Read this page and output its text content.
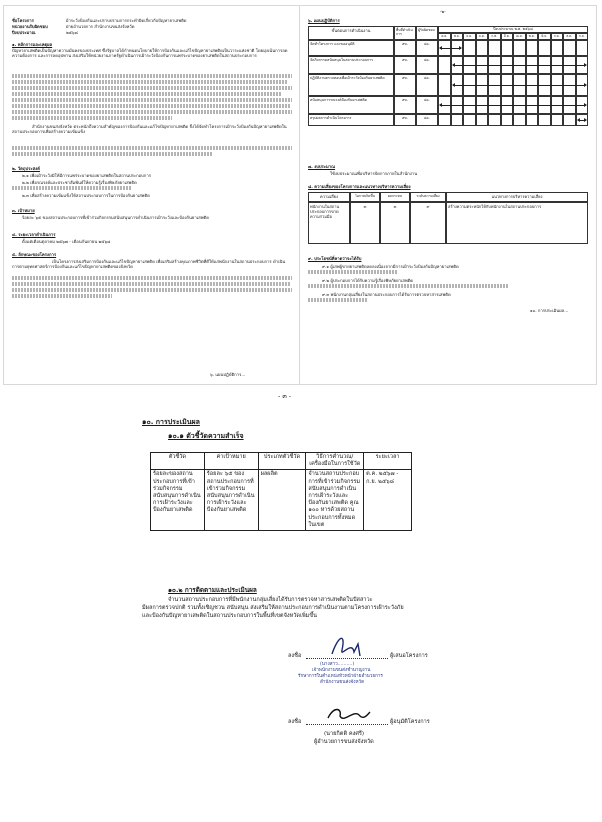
ชื่อโครงการ	ผ้าระวังป้องกันและปราบปรามการกระทำผิดเกี่ยวกับปัญหายาเสพติด
หน่วยงานรับผิดชอบ	ฝ่ายอำนวยการ สำนักงานขนส่งจังหวัด
ปีงบประมาณ	๒๕๖๘
๑. หลักการและเหตุผล
ปัญหายาเสพติดเป็นปัญหาความมั่นคงของประเทศ ซึ่งรัฐบาลได้กำหนดนโยบายให้การป้องกันและแก้ไขปัญหายาเสพติดเป็นวาระแห่งชาติ โดยมุ่งเน้นการลดความต้องการ และการลดอุปทาน ส่งเสริมให้หน่วยงานภาครัฐดำเนินการเฝ้าระวังป้องกันการแพร่ระบาดของยาเสพติดในสถานประกอบการ
สำนักงานขนส่งจังหวัด ตระหนักถึงความสำคัญของการป้องกันและแก้ไขปัญหายาเสพติด จึงได้จัดทำโครงการเฝ้าระวังป้องกันปัญหายาเสพติดในสถานประกอบการเพื่อสร้างความเข้มแข็ง
๒. วัตถุประสงค์
๒.๑ เพื่อเฝ้าระวังมิให้มีการแพร่ระบาดของยาเสพติดในสถานประกอบการ
๒.๒ เพื่อรณรงค์และประชาสัมพันธ์ให้ความรู้เรื่องพิษภัยยาเสพติด
๒.๓ เพื่อสร้างความเข้มแข็งให้สถานประกอบการในการป้องกันยาเสพติด
๓. เป้าหมาย
ร้อยละ ๖๕ ของสถานประกอบการที่เข้าร่วมกิจกรรมสนับสนุนการดำเนินการเฝ้าระวังและป้องกันยาเสพติด
๔. ระยะเวลาดำเนินการ
ตั้งแต่เดือนตุลาคม ๒๕๖๗ - เดือนกันยายน ๒๕๖๘
๕. ลักษณะของโครงการ
เป็นโครงการส่งเสริมการป้องกันและแก้ไขปัญหายาเสพติด เพื่อเสริมสร้างคุณภาพชีวิตที่ดีให้แก่พนักงานในสถานประกอบการ ดำเนินการตามยุทธศาสตร์การป้องกันและแก้ไขปัญหายาเสพติดของจังหวัด
๖. แผนปฏิบัติการ...
-๒-
๖. แผนปฏิบัติการ
ขั้นตอนการดำเนินงาน	พื้นที่ดำเนินการ
ผู้รับผิดชอบ	ปีงบประมาณ พ.ศ. ๒๕๖๘
ต.ค.	พ.ย.	ธ.ค.	ม.ค.	ก.พ.	มี.ค.	เม.ย.	พ.ค.	มิ.ย.	ก.ค.	ส.ค.	ก.ย.
จัดทำโครงการ และขออนุมัติ	สข.	ฝอ.
จัดกิจกรรมสนับสนุนในสถานประกอบการ	สข.	ฝอ.
ปฏิบัติงานตรวจสอบเพื่อเฝ้าระวังป้องกันยาเสพติด	สข.	ฝอ.
สนับสนุนการรณรงค์ป้องกันยาเสพติด	สข.	ฝอ.
สรุปผลการดำเนินโครงการ	สข.	ฝอ.
๗. งบประมาณ
ใช้งบประมาณเพื่อบริหารจัดการภายในสำนักงาน
๘. ความเสี่ยงของโครงการและแนวทางบริหารความเสี่ยง
ความเสี่ยง	โอกาสเกิดขึ้น	ผลกระทบ	ระดับความเสี่ยง	แนวทางการบริหารความเสี่ยง
พนักงานในสถานประกอบการขาดความร่วมมือ
๓	๓	๙	สร้างความตระหนักให้กับพนักงานในสถานประกอบการ
๙. ประโยชน์ที่คาดว่าจะได้รับ
๙.๑ ผู้เสพผู้ขายยาเสพติดลดลงเนื่องจากมีการเฝ้าระวังป้องกันปัญหายาเสพติด
๙.๒ ผู้ประกอบการได้รับความรู้เรื่องพิษภัยยาเสพติด
๙.๓ พนักงานกลุ่มเสี่ยงในสถานประกอบการได้รับการตรวจหาสารเสพติด
๑๐. การประเมินผล...
- ๓ -
๑๐. การประเมินผล
๑๐.๑ ตัวชี้วัดความสำเร็จ
ตัวชี้วัด	ค่าเป้าหมาย	ประเภทตัวชี้วัด	วิธีการคำนวณ/ เครื่องมือในการใช้วัด	ระยะเวลา
ร้อยละของสถานประกอบการที่เข้าร่วมกิจกรรมสนับสนุนการดำเนินการเฝ้าระวังและป้องกันยาเสพติด	ร้อยละ ๖๕ ของสถานประกอบการที่เข้าร่วมกิจกรรมสนับสนุนการดำเนินการเฝ้าระวังและป้องกันยาเสพติด	ผลผลิต	จำนวนสถานประกอบการที่เข้าร่วมกิจกรรมสนับสนุนการดำเนินการเฝ้าระวังและป้องกันยาเสพติด คูณ ๑๐๐ หารด้วยสถานประกอบการทั้งหมดในเขต	ต.ค. ๒๕๖๗ - ก.ย. ๒๕๖๘
๑๐.๒ การติดตามและประเมินผล
จำนวนสถานประกอบการที่มีพนักงานกลุ่มเสี่ยงได้รับการตรวจหาสารเสพติดในปัสสาวะ
มีผลการตรวจปกติ รวมทั้งเชิญชวน สนับสนุน ส่งเสริมให้สถานประกอบการดำเนินงานตามโครงการเฝ้าระวังภัย
และป้องกันปัญหายาเสพติดในสถานประกอบการในพื้นที่เขตจังหวัดเพิ่มขึ้น
ลงชื่อ	ผู้เสนอโครงการ
(นางสาว..........)
เจ้าพนักงานขนส่งชำนาญงาน
รักษาการในตำแหน่งหัวหน้าฝ่ายอำนวยการ
สำนักงานขนส่งจังหวัด
ลงชื่อ	ผู้อนุมัติโครงการ
(นายกิตติ คงศรี)
ผู้อำนวยการขนส่งจังหวัด
